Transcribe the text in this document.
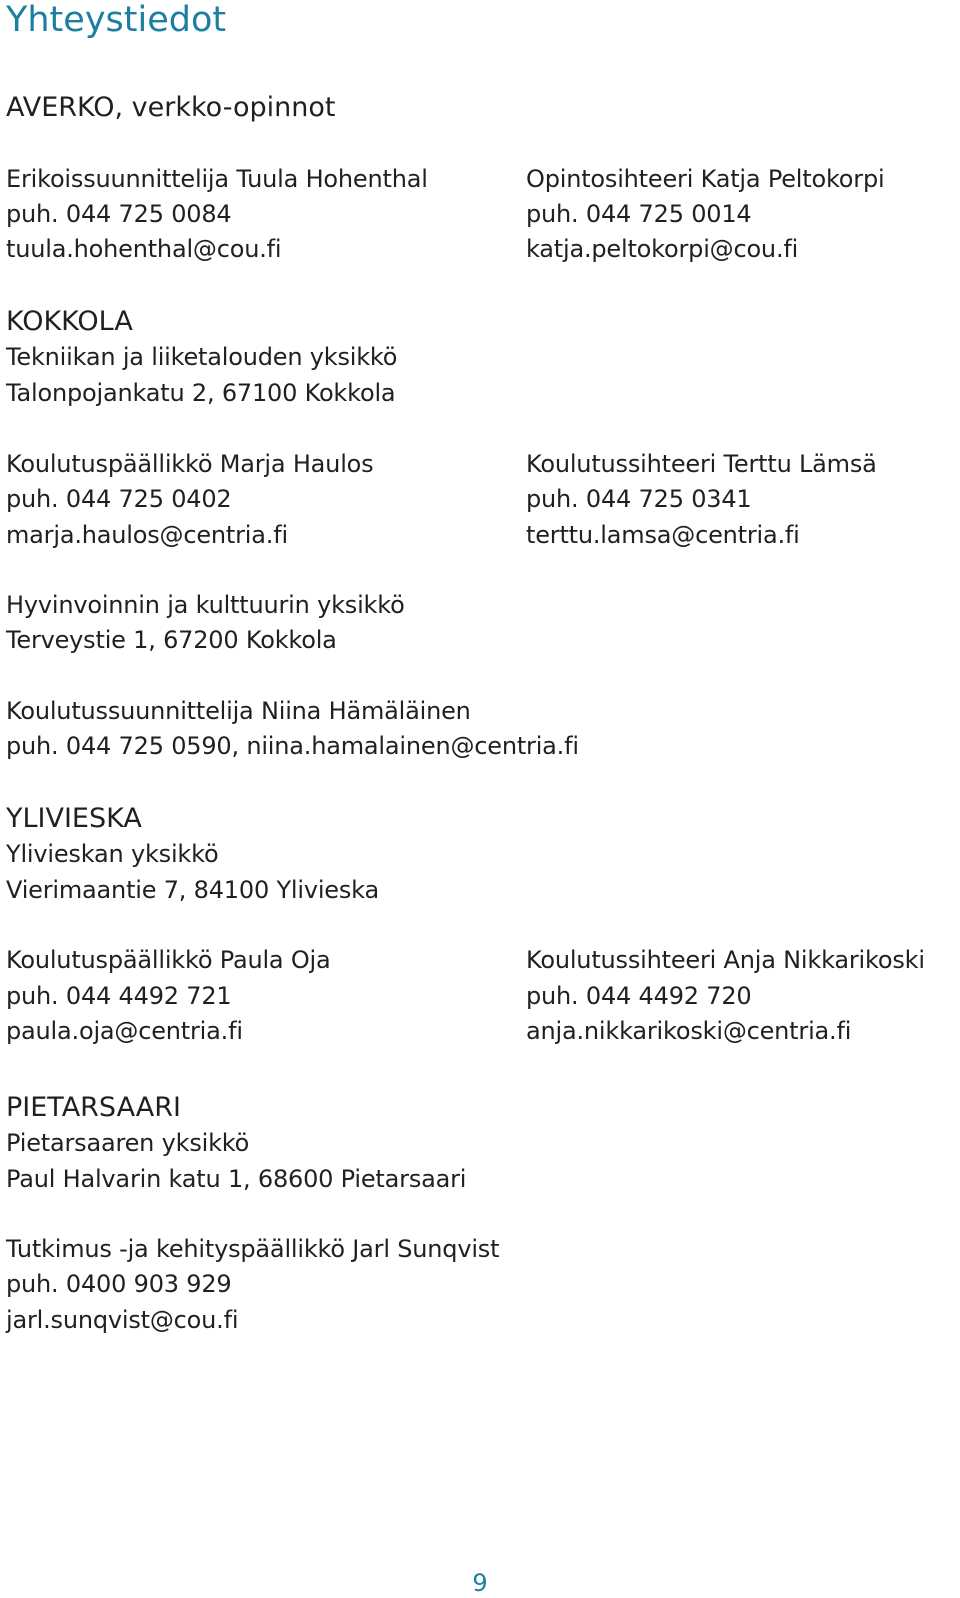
Yhteystiedot

AVERKO, verkko-opinnot

Erikoissuunnittelija Tuula Hohenthal

puh. 044 725 0084

tuula.hohenthal@cou.fi

Opintosihteeri Katja Peltokorpi

puh. 044 725 0014

katja.peltokorpi@cou.fi

KOKKOLA

Tekniikan ja liiketalouden yksikkö

Talonpojankatu 2, 67100 Kokkola

Koulutuspäällikkö Marja Haulos

puh. 044 725 0402

marja.haulos@centria.fi

Koulutussihteeri Terttu Lämsä

puh. 044 725 0341

terttu.lamsa@centria.fi

Hyvinvoinnin ja kulttuurin yksikkö

Terveystie 1, 67200 Kokkola

Koulutussuunnittelija Niina Hämäläinen

puh. 044 725 0590, niina.hamalainen@centria.fi

YLIVIESKA

Ylivieskan yksikkö

Vierimaantie 7, 84100 Ylivieska

Koulutuspäällikkö Paula Oja

puh. 044 4492 721

paula.oja@centria.fi

Koulutussihteeri Anja Nikkarikoski

puh. 044 4492 720

anja.nikkarikoski@centria.fi

PIETARSAARI

Pietarsaaren yksikkö

Paul Halvarin katu 1, 68600 Pietarsaari

Tutkimus -ja kehityspäällikkö Jarl Sunqvist

puh. 0400 903 929

jarl.sunqvist@cou.fi

9
